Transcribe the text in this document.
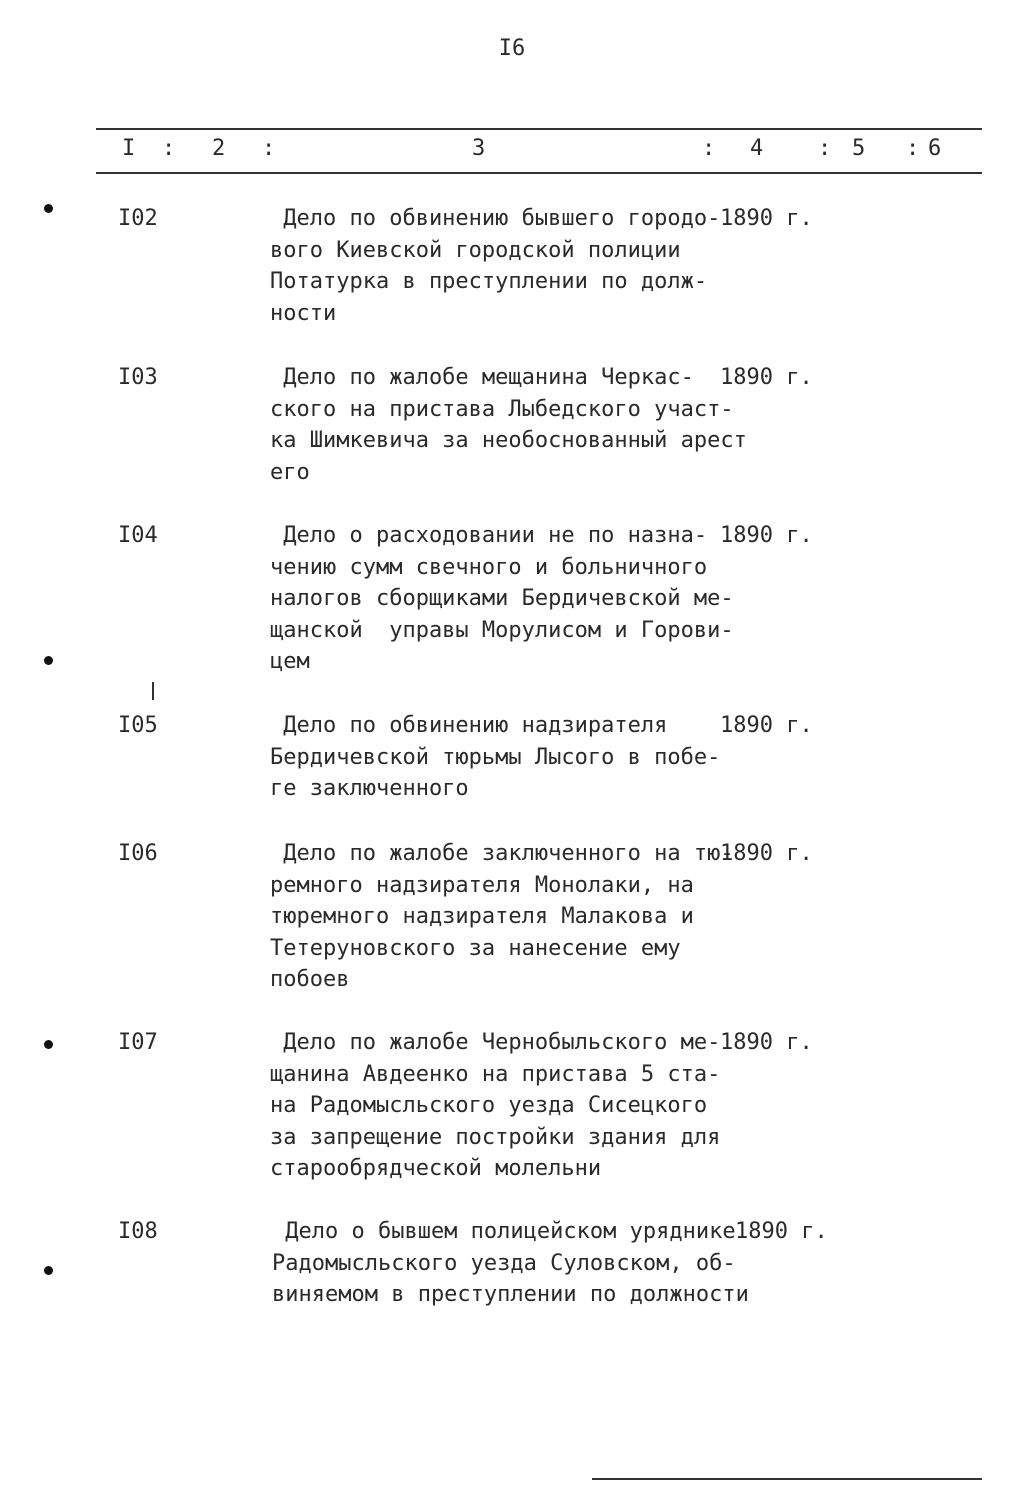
I6
I : 2 :	3	: 4 : 5 : 6
I02	Дело по обвинению бывшего городо-
вого Киевской городской полиции
Потатурка в преступлении по долж-
ности
1890 г.
I03	Дело по жалобе мещанина Черкас-
ского на пристава Лыбедского участ-
ка Шимкевича за необоснованный арест
его
1890 г.
I04	Дело о расходовании не по назна-
чению сумм свечного и больничного
налогов сборщиками Бердичевской ме-
щанской  управы Морулисом и Горови-
цем
1890 г.
I05	Дело по обвинению надзирателя
Бердичевской тюрьмы Лысого в побе-
ге заключенного
1890 г.
I06	Дело по жалобе заключенного на тю-
ремного надзирателя Монолаки, на
тюремного надзирателя Малакова и
Тетеруновского за нанесение ему
побоев
1890 г.
I07	Дело по жалобе Чернобыльского ме-
щанина Авдеенко на пристава 5 ста-
на Радомысльского уезда Сисецкого
за запрещение постройки здания для
старообрядческой молельни
1890 г.
I08	Дело о бывшем полицейском уряднике
Радомысльского уезда Суловском, об-
виняемом в преступлении по должности
1890 г.
